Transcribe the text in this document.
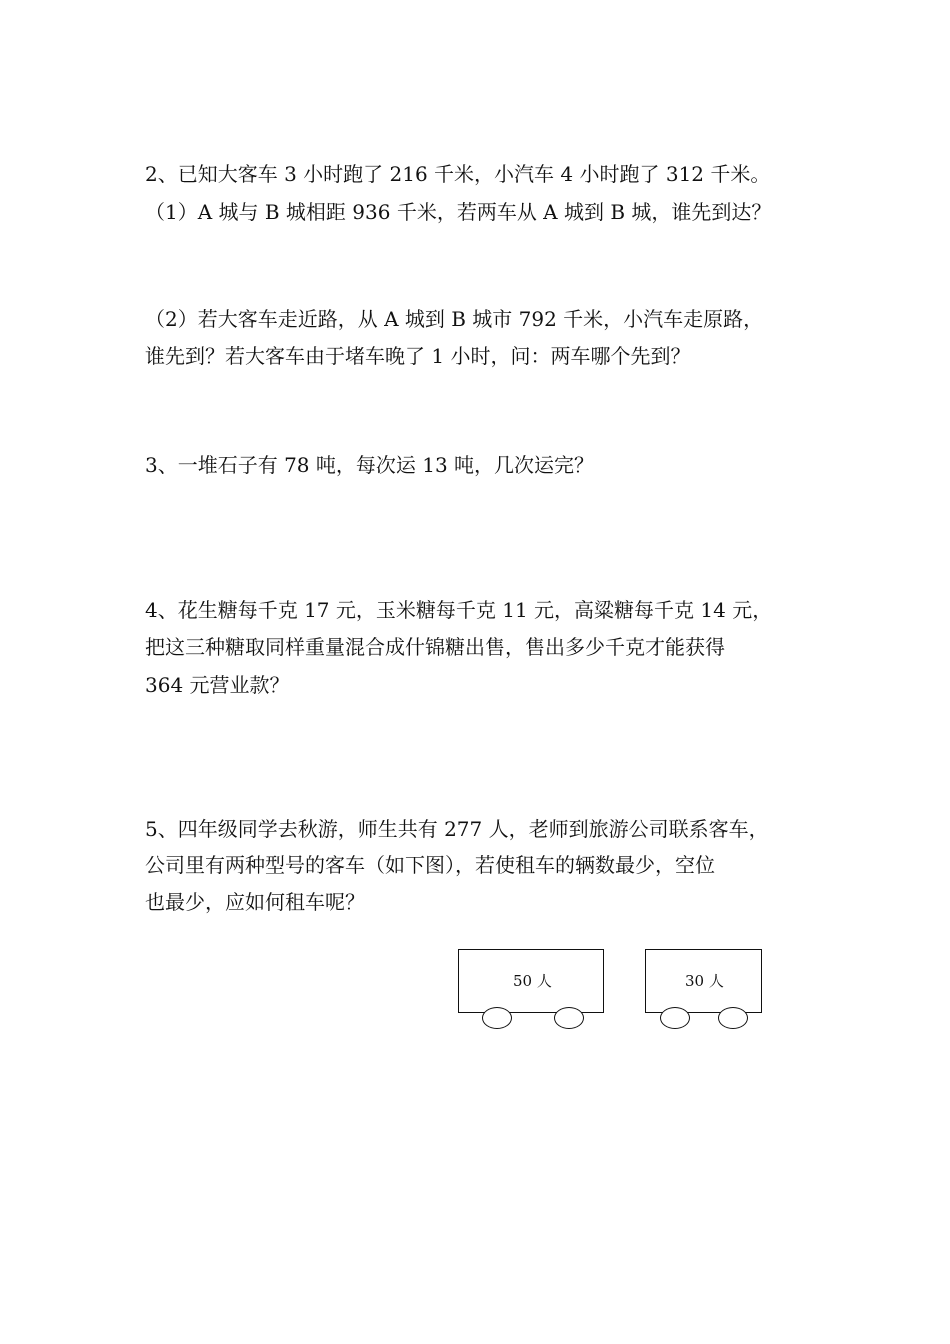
2、已知大客车 3 小时跑了 216 千米，小汽车 4 小时跑了 312 千米。
（1）A 城与 B 城相距 936 千米，若两车从 A 城到 B 城，谁先到达？
（2）若大客车走近路，从 A 城到 B 城市 792 千米，小汽车走原路，
谁先到？若大客车由于堵车晚了 1 小时，问：两车哪个先到？
3、一堆石子有 78 吨，每次运 13 吨，几次运完？
4、花生糖每千克 17 元，玉米糖每千克 11 元，高粱糖每千克 14 元，
把这三种糖取同样重量混合成什锦糖出售，售出多少千克才能获得
364 元营业款？
5、四年级同学去秋游，师生共有 277 人，老师到旅游公司联系客车，
公司里有两种型号的客车（如下图），若使租车的辆数最少，空位
也最少，应如何租车呢？
50 人	30 人
